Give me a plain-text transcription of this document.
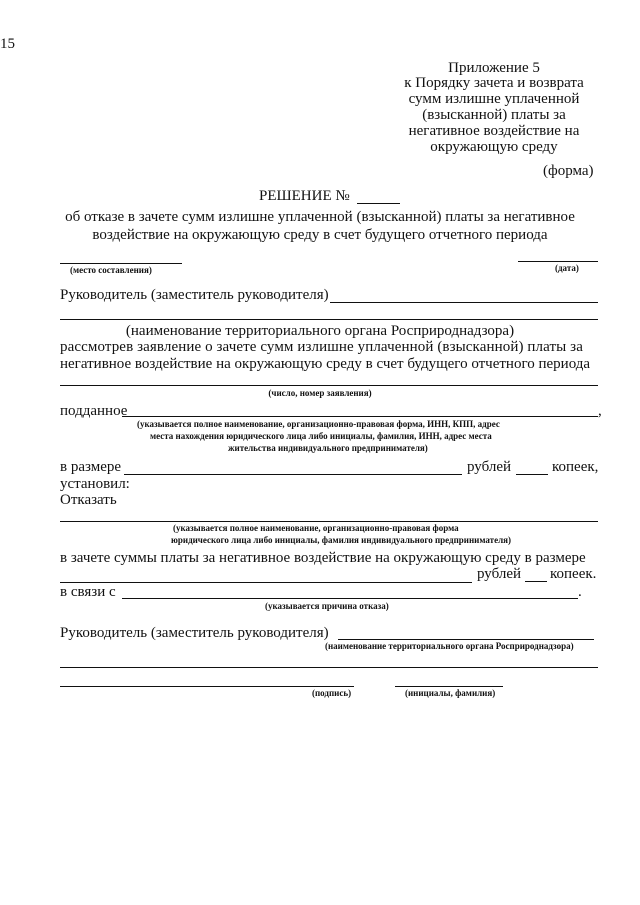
15
Приложение 5
к Порядку зачета и возврата
сумм излишне уплаченной
(взысканной) платы за
негативное воздействие на
окружающую среду
(форма)
РЕШЕНИЕ №
об отказе в зачете сумм излишне уплаченной (взысканной) платы за негативное
воздействие на окружающую среду в счет будущего отчетного периода
(место составления)	(дата)
Руководитель (заместитель руководителя)
(наименование территориального органа Росприроднадзора)
рассмотрев заявление о зачете сумм излишне уплаченной (взысканной) платы за
негативное воздействие на окружающую среду в счет будущего отчетного периода
(число, номер заявления)
подданное	,
(указывается полное наименование, организационно-правовая форма, ИНН, КПП, адрес
места нахождения юридического лица либо инициалы, фамилия, ИНН, адрес места
жительства индивидуального предпринимателя)
в размере	рублей	копеек,
установил:
Отказать
(указывается полное наименование, организационно-правовая форма
юридического лица либо инициалы, фамилия индивидуального предпринимателя)
в зачете суммы платы за негативное воздействие на окружающую среду в размере
рублей копеек.
в связи с	.
(указывается причина отказа)
Руководитель (заместитель руководителя)
(наименование территориального органа Росприроднадзора)
(подпись)	(инициалы, фамилия)
